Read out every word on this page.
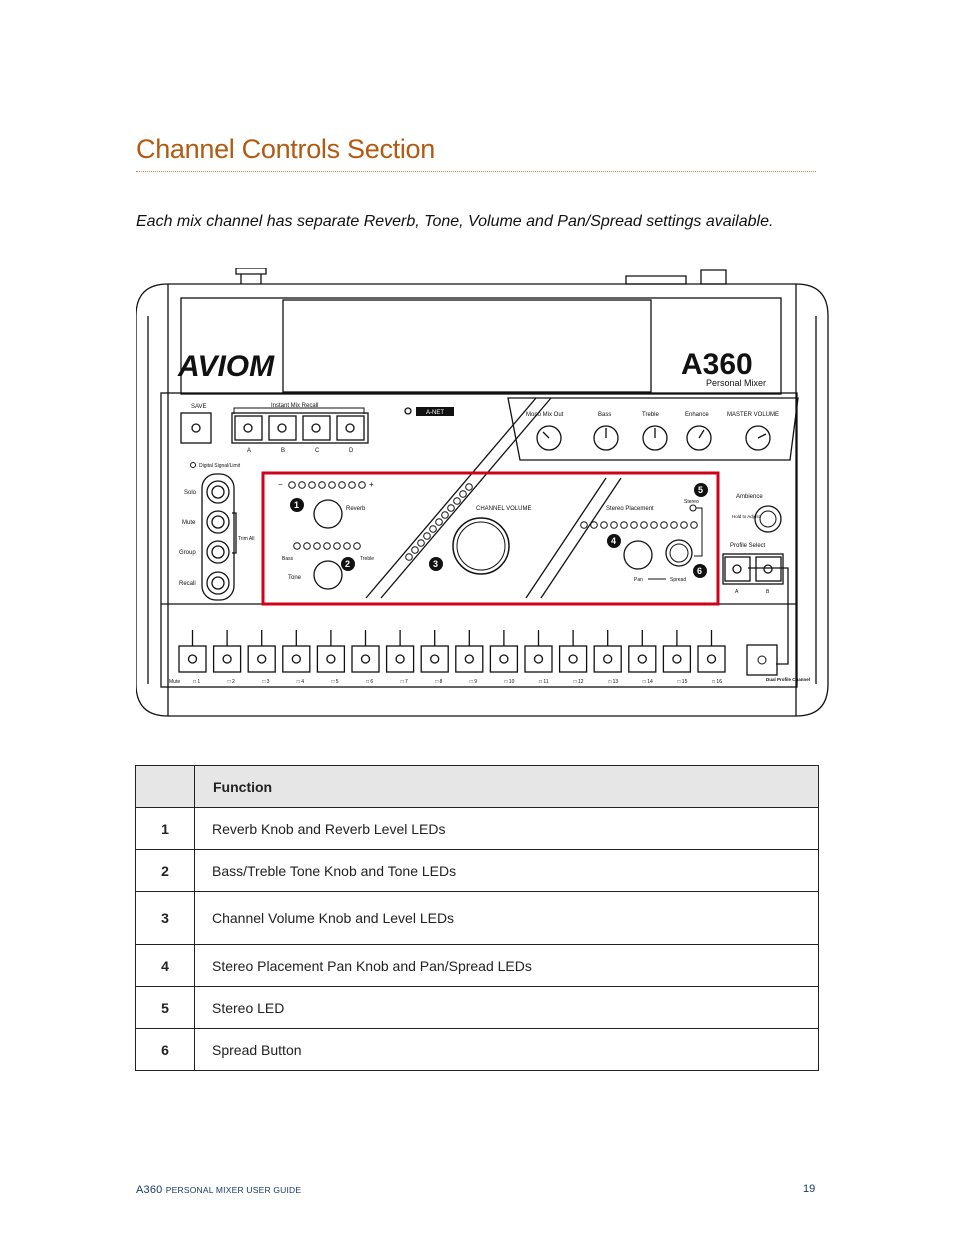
Channel Controls Section
Each mix channel has separate Reverb, Tone, Volume and Pan/Spread settings available.
AVIOM	A360
Personal Mixer
SAVE	Instant Mix Recall
A	B	C	D
A-NET
Digital Signal/Limit
Solo
Mute
Group
Recall
Trim All
Mono Mix Out	Bass	Treble	Enhance	MASTER VOLUME
−	+
Reverb
Bass	Treble
Tone
CHANNEL VOLUME	Stereo Placement
Stereo
Pan	Spread
Ambience
Hold to Adjust
Profile Select
A	B
Mute	□ 1	□ 2	□ 3	□ 4	□ 5	□ 6	□ 7	□ 8	□ 9	□ 10	□ 11	□ 12	□ 13	□ 14	□ 15	□ 16	Dual Profile Channel
1
2	3
4
5
6
	Function
1	Reverb Knob and Reverb Level LEDs
2	Bass/Treble Tone Knob and Tone LEDs
3	Channel Volume Knob and Level LEDs
4	Stereo Placement Pan Knob and Pan/Spread LEDs
5	Stereo LED
6	Spread Button
A360 PERSONAL MIXER USER GUIDE	19
